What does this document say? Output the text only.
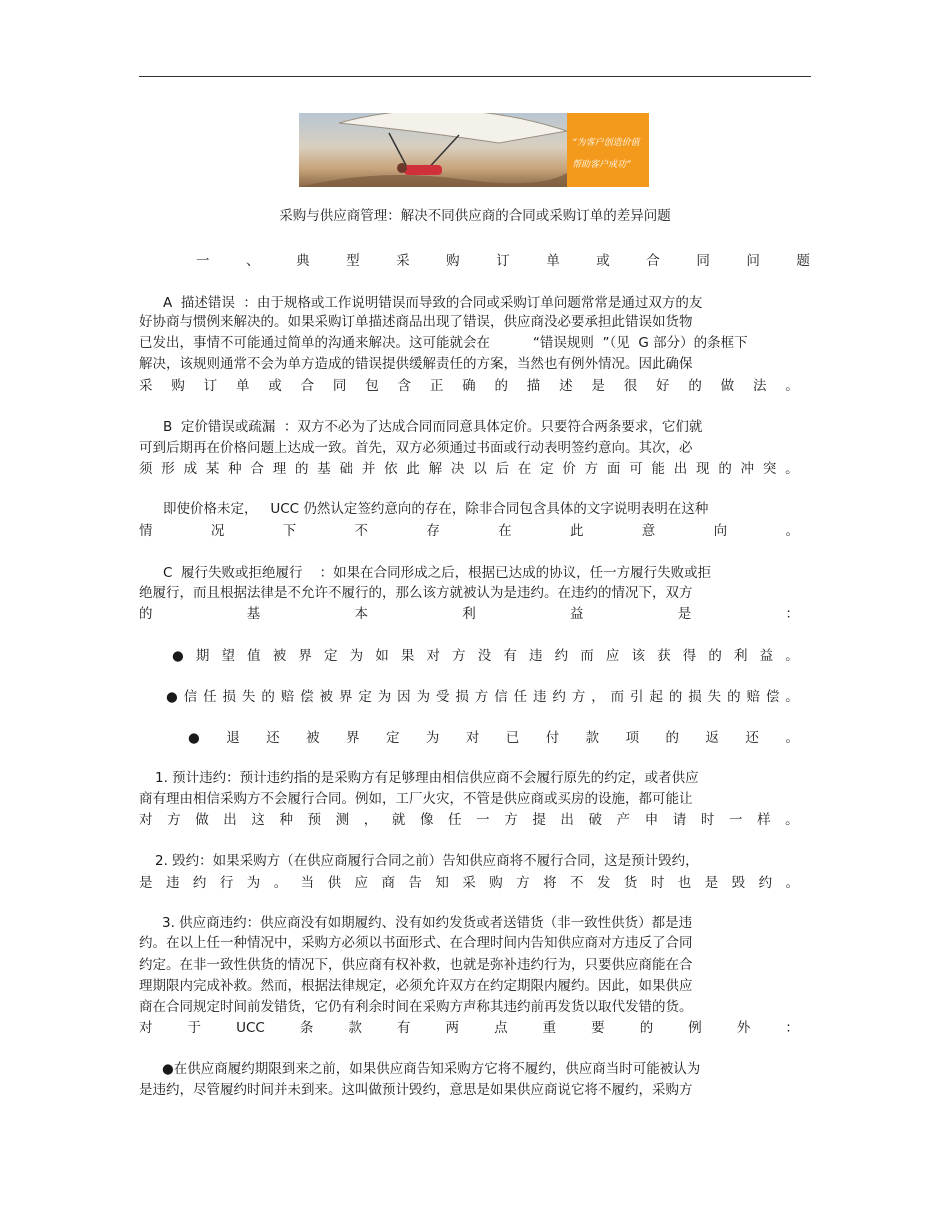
“为客户创造价值
帮助客户成功”
采购与供应商管理：解决不同供应商的合同或采购订单的差异问题
一	、	典	型	采	购	订	单	或	合	同	问	题
A  描述错误  ：由于规格或工作说明错误而导致的合同或采购订单问题常常是通过双方的友
好协商与惯例来解决的。如果采购订单描述商品出现了错误，供应商没必要承担此错误如货物
已发出，事情不可能通过简单的沟通来解决。这可能就会在          “错误规则  ”（见  G 部分）的条框下
解决，该规则通常不会为单方造成的错误提供缓解责任的方案，当然也有例外情况。因此确保
采 购 订 单 或 合 同 包 含 正 确 的 描 述 是 很 好 的 做 法 。
B  定价错误或疏漏  ：双方不必为了达成合同而同意具体定价。只要符合两条要求，它们就
可到后期再在价格问题上达成一致。首先，双方必须通过书面或行动表明签约意向。其次，必
须 形 成 某 种 合 理 的 基 础 并 依 此 解 决 以 后 在 定 价 方 面 可 能 出 现 的 冲 突 。
即使价格未定，   UCC 仍然认定签约意向的存在，除非合同包含具体的文字说明表明在这种
情	况	下	不	存	在	此	意	向	。
C  履行失败或拒绝履行    ：如果在合同形成之后，根据已达成的协议，任一方履行失败或拒
绝履行，而且根据法律是不允许不履行的，那么该方就被认为是违约。在违约的情况下，双方
的	基	本	利	益	是	：
● 期 望 值 被 界 定 为 如 果 对 方 没 有 违 约 而 应 该 获 得 的 利 益 。
● 信 任 损 失 的 赔 偿 被 界 定 为 因 为 受 损 方 信 任 违 约 方 ， 而 引 起 的 损 失 的 赔 偿 。
● 退 还 被 界 定 为 对 已 付 款 项 的 返 还 。
1. 预计违约：预计违约指的是采购方有足够理由相信供应商不会履行原先的约定，或者供应
商有理由相信采购方不会履行合同。例如，工厂火灾，不管是供应商或买房的设施，都可能让
对 方 做 出 这 种 预 测 ， 就 像 任 一 方 提 出 破 产 申 请 时 一 样 。
2. 毁约：如果采购方（在供应商履行合同之前）告知供应商将不履行合同，这是预计毁约，
是 违 约 行 为 。 当 供 应 商 告 知 采 购 方 将 不 发 货 时 也 是 毁 约 。
3. 供应商违约：供应商没有如期履约、没有如约发货或者送错货（非一致性供货）都是违
约。在以上任一种情况中，采购方必须以书面形式、在合理时间内告知供应商对方违反了合同
约定。在非一致性供货的情况下，供应商有权补救，也就是弥补违约行为，只要供应商能在合
理期限内完成补救。然而，根据法律规定，必须允许双方在约定期限内履约。因此，如果供应
商在合同规定时间前发错货，它仍有利余时间在采购方声称其违约前再发货以取代发错的货。
对	于	UCC	条	款	有	两	点	重	要	的	例	外	：
●在供应商履约期限到来之前，如果供应商告知采购方它将不履约，供应商当时可能被认为
是违约，尽管履约时间并未到来。这叫做预计毁约，意思是如果供应商说它将不履约，采购方
